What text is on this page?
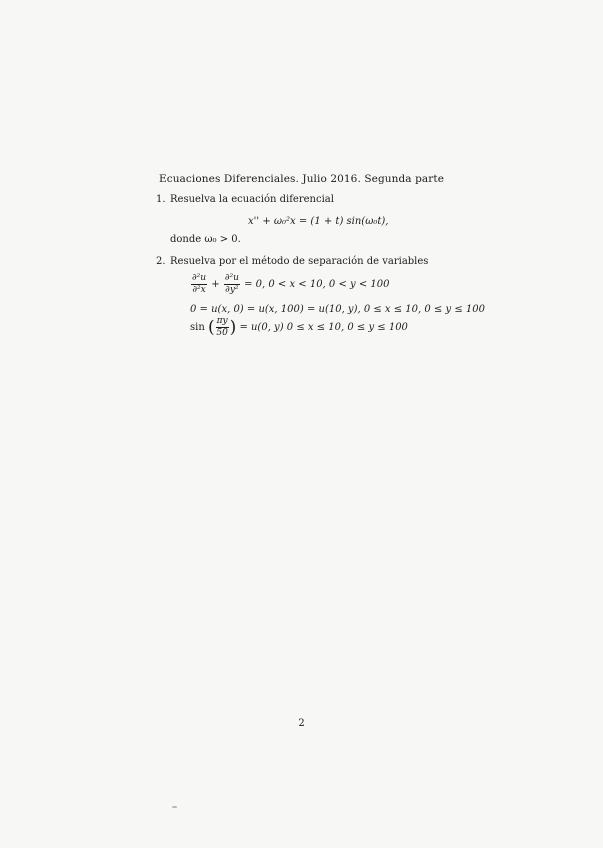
Ecuaciones Diferenciales. Julio 2016. Segunda parte
1. Resuelva la ecuación diferencial
x'' + ω₀²x = (1 + t) sin(ω₀t),
donde ω₀ > 0.
2. Resuelva por el método de separación de variables
$\frac{\text{∂²u}}{\text{∂²x}} + \frac{\text{∂²u}}{\text{∂y²}} = 0$, 0 < x < 10, 0 < y < 100
0 = u(x, 0) = u(x, 100) = u(10, y), 0 ≤ x ≤ 10, 0 ≤ y ≤ 100
sin ( $\frac{\pi y}{50}$ ) = u(0, y) 0 ≤ x ≤ 10, 0 ≤ y ≤ 100
2
